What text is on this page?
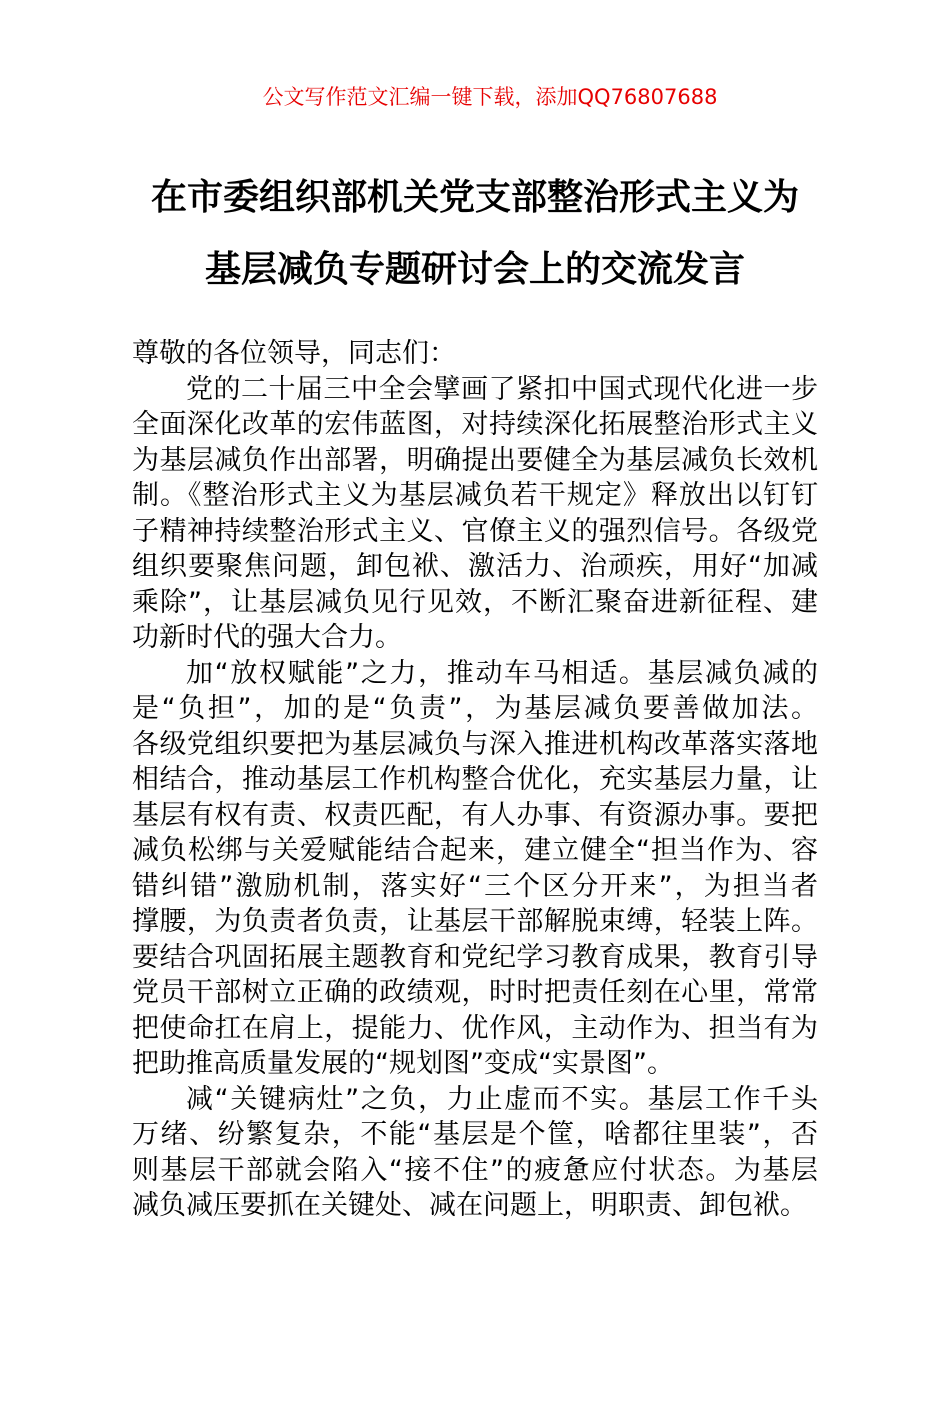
公文写作范文汇编一键下载，添加QQ76807688
在市委组织部机关党支部整治形式主义为
基层减负专题研讨会上的交流发言
尊敬的各位领导，同志们：
党的二十届三中全会擘画了紧扣中国式现代化进一步
全面深化改革的宏伟蓝图，对持续深化拓展整治形式主义
为基层减负作出部署，明确提出要健全为基层减负长效机
制。《整治形式主义为基层减负若干规定》释放出以钉钉
子精神持续整治形式主义、官僚主义的强烈信号。各级党
组织要聚焦问题，卸包袱、激活力、治顽疾，用好“加减
乘除”，让基层减负见行见效，不断汇聚奋进新征程、建
功新时代的强大合力。
加“放权赋能”之力，推动车马相适。基层减负减的
是“负担”，加的是“负责”，为基层减负要善做加法。
各级党组织要把为基层减负与深入推进机构改革落实落地
相结合，推动基层工作机构整合优化，充实基层力量，让
基层有权有责、权责匹配，有人办事、有资源办事。要把
减负松绑与关爱赋能结合起来，建立健全“担当作为、容
错纠错”激励机制，落实好“三个区分开来”，为担当者
撑腰，为负责者负责，让基层干部解脱束缚，轻装上阵。
要结合巩固拓展主题教育和党纪学习教育成果，教育引导
党员干部树立正确的政绩观，时时把责任刻在心里，常常
把使命扛在肩上，提能力、优作风，主动作为、担当有为
把助推高质量发展的“规划图”变成“实景图”。
减“关键病灶”之负，力止虚而不实。基层工作千头
万绪、纷繁复杂，不能“基层是个筐，啥都往里装”，否
则基层干部就会陷入“接不住”的疲惫应付状态。为基层
减负减压要抓在关键处、减在问题上，明职责、卸包袱。
